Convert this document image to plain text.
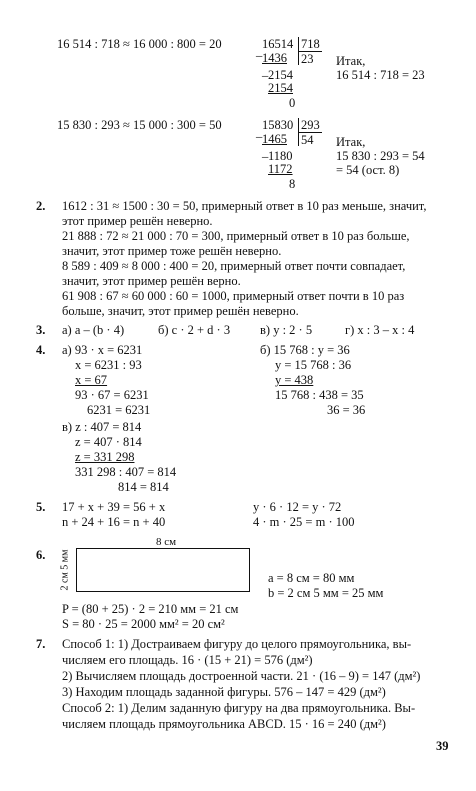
16 514 : 718 ≈ 16 000 : 800 = 20	16514 718
_ 1436 23
_ 2154
2154
0
Итак,
16 514 : 718 = 23
15 830 : 293 ≈ 15 000 : 300 = 50	15830 293
_ 1465 54
_ 1180
1172
8
Итак,
15 830 : 293 = 54
= 54 (ост. 8)
2. 1612 : 31 ≈ 1500 : 30 = 50, примерный ответ в 10 раз меньше, значит,
этот пример решён неверно.
21 888 : 72 ≈ 21 000 : 70 = 300, примерный ответ в 10 раз больше,
значит, этот пример тоже решён неверно.
8 589 : 409 ≈ 8 000 : 400 = 20, примерный ответ почти совпадает,
значит, этот пример решён верно.
61 908 : 67 ≈ 60 000 : 60 = 1000, примерный ответ почти в 10 раз
больше, значит, этот пример решён неверно.
3. а) a – (b · 4)	б) c · 2 + d · 3 в) y : 2 · 5	г) x : 3 – x : 4
4. а) 93 · x = 6231
x = 6231 : 93
x = 67
93 · 67 = 6231
6231 = 6231
б) 15 768 : y = 36
y = 15 768 : 36
y = 438
15 768 : 438 = 35
36 = 36
в) z : 407 = 814
z = 407 · 814
z = 331 298
331 298 : 407 = 814
814 = 814
5. 17 + x + 39 = 56 + x
n + 24 + 16 = n + 40
y · 6 · 12 = y · 72
4 · m · 25 = m · 100
6.
8 см
2 см 5 мм	a = 8 см = 80 мм
b = 2 см 5 мм = 25 мм
P = (80 + 25) · 2 = 210 мм = 21 см
S = 80 · 25 = 2000 мм² = 20 см²
7. Способ 1: 1) Достраиваем фигуру до целого прямоугольника, вы-
числяем его площадь. 16 · (15 + 21) = 576 (дм²)
2) Вычисляем площадь достроенной части. 21 · (16 – 9) = 147 (дм²)
3) Находим площадь заданной фигуры. 576 – 147 = 429 (дм²)
Способ 2: 1) Делим заданную фигуру на два прямоугольника. Вы-
числяем площадь прямоугольника ABCD. 15 · 16 = 240 (дм²)
39
